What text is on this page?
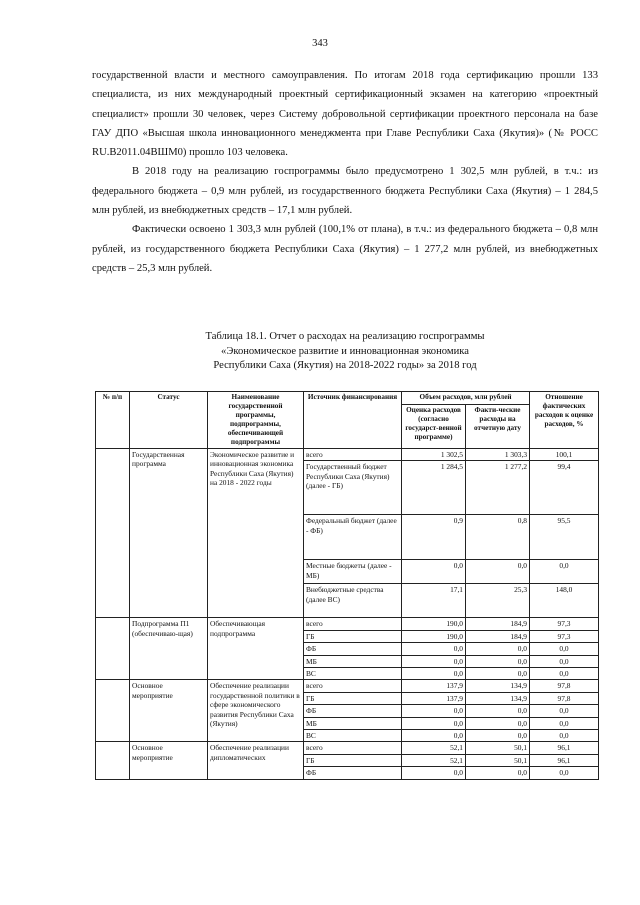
343

государственной власти и местного самоуправления. По итогам 2018 года сертификацию прошли 133 специалиста, из них международный проектный сертификационный экзамен на категорию «проектный специалист» прошли 30 человек, через Систему добровольной сертификации проектного персонала на базе ГАУ ДПО «Высшая школа инновационного менеджмента при Главе Республики Саха (Якутия)» (№ РОСС RU.B2011.04ВШМ0) прошло 103 человека.

В 2018 году на реализацию госпрограммы было предусмотрено 1 302,5 млн рублей, в т.ч.: из федерального бюджета – 0,9 млн рублей, из государственного бюджета Республики Саха (Якутия) – 1 284,5 млн рублей, из внебюджетных средств – 17,1 млн рублей.

Фактически освоено 1 303,3 млн рублей (100,1% от плана), в т.ч.: из федерального бюджета – 0,8 млн рублей, из государственного бюджета Республики Саха (Якутия) – 1 277,2 млн рублей, из внебюджетных средств – 25,3 млн рублей.

Таблица 18.1. Отчет о расходах на реализацию госпрограммы
«Экономическое развитие и инновационная экономика
Республики Саха (Якутия) на 2018-2022 годы» за 2018 год
№ п/п	Статус	Наименование государственной программы, подпрограммы, обеспечивающей подпрограммы	Источник финансирования	Объем расходов, млн рублей		Отношение фактических расходов к оценке расходов, %
				Оценка расходов (согласно государст-венной программе)	Факти-ческие расходы на отчетную дату	
	Государственная программа	Экономическое развитие и инновационная экономика Республики Саха (Якутия) на 2018 - 2022 годы	всего	1 302,5	1 303,3	100,1
			Государственный бюджет Республики Саха (Якутия) (далее - ГБ)	1 284,5	1 277,2	99,4
			Федеральный бюджет (далее - ФБ)	0,9	0,8	95,5
			Местные бюджеты (далее - МБ)	0,0	0,0	0,0
			Внебюджетные средства (далее ВС)	17,1	25,3	148,0
	Подпрограмма П1 (обеспечиваю-щая)	Обеспечивающая подпрограмма	всего	190,0	184,9	97,3
			ГБ	190,0	184,9	97,3
			ФБ	0,0	0,0	0,0
			МБ	0,0	0,0	0,0
			ВС	0,0	0,0	0,0
	Основное мероприятие	Обеспечение реализации государственной политики в сфере экономического развития Республики Саха (Якутия)	всего	137,9	134,9	97,8
			ГБ	137,9	134,9	97,8
			ФБ	0,0	0,0	0,0
			МБ	0,0	0,0	0,0
			ВС	0,0	0,0	0,0
	Основное мероприятие	Обеспечение реализации дипломатических	всего	52,1	50,1	96,1
			ГБ	52,1	50,1	96,1
			ФБ	0,0	0,0	0,0
